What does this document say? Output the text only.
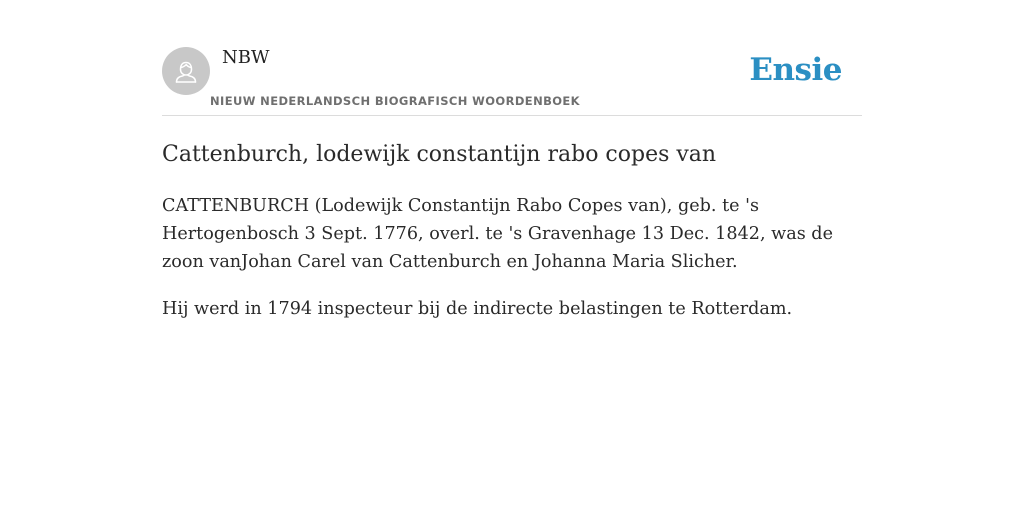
NBW
NIEUW NEDERLANDSCH BIOGRAFISCH WOORDENBOEK
Ensie
Cattenburch, lodewijk constantijn rabo copes van

CATTENBURCH (Lodewijk Constantijn Rabo Copes van), geb. te 's Hertogenbosch 3 Sept. 1776, overl. te 's Gravenhage 13 Dec. 1842, was de zoon vanJohan Carel van Cattenburch en Johanna Maria Slicher.

Hij werd in 1794 inspecteur bij de indirecte belastingen te Rotterdam.
